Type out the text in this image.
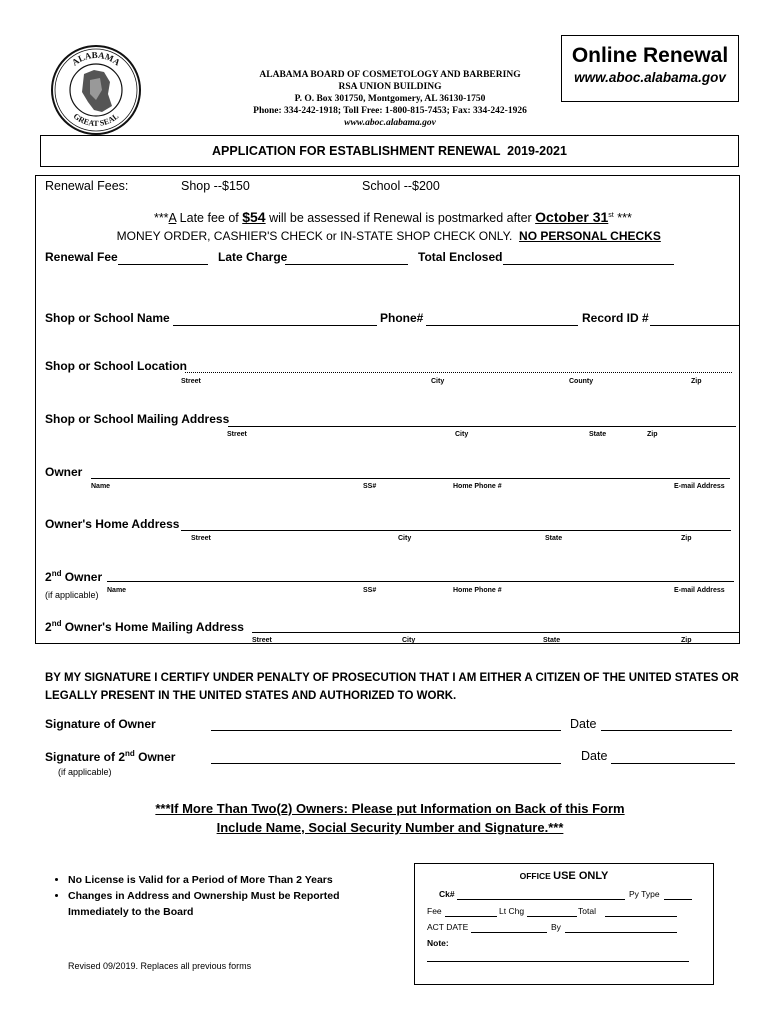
ALABAMA
GREAT SEAL
ALABAMA BOARD OF COSMETOLOGY AND BARBERING
RSA UNION BUILDING
P. O. Box 301750, Montgomery, AL 36130-1750
Phone: 334-242-1918; Toll Free: 1-800-815-7453; Fax: 334-242-1926
www.aboc.alabama.gov
Online Renewal
www.aboc.alabama.gov
APPLICATION FOR ESTABLISHMENT RENEWAL  2019-2021
Renewal Fees:	Shop --$150	School --$200

***A Late fee of $54 will be assessed if Renewal is postmarked after October 31st ***

MONEY ORDER, CASHIER'S CHECK or IN-STATE SHOP CHECK ONLY. NO PERSONAL CHECKS

Renewal Fee	Late Charge	Total Enclosed
Shop or School Name	Phone#	Record ID #
Shop or School Location
Street	City	County	Zip
Shop or School Mailing Address
Street	City	State	Zip
Owner
Name	SS#	Home Phone #	E-mail Address
Owner's Home Address
Street	City	State	Zip
2nd Owner
(if applicable) Name	SS#	Home Phone #	E-mail Address
2nd Owner's Home Mailing Address
Street	City	State	Zip
BY MY SIGNATURE I CERTIFY UNDER PENALTY OF PROSECUTION THAT I AM EITHER A CITIZEN OF THE UNITED STATES OR LEGALLY PRESENT IN THE UNITED STATES AND AUTHORIZED TO WORK.
Signature of Owner	Date
Signature of 2nd Owner	Date
(if applicable)
***If More Than Two(2) Owners: Please put Information on Back of this Form
Include Name, Social Security Number and Signature.***
• No License is Valid for a Period of More Than 2 Years
• Changes in Address and Ownership Must be Reported Immediately to the Board
Revised 09/2019. Replaces all previous forms
OFFICE USE ONLY
Ck#	Py Type
Fee	Lt Chg	Total
ACT DATE	By
Note:
